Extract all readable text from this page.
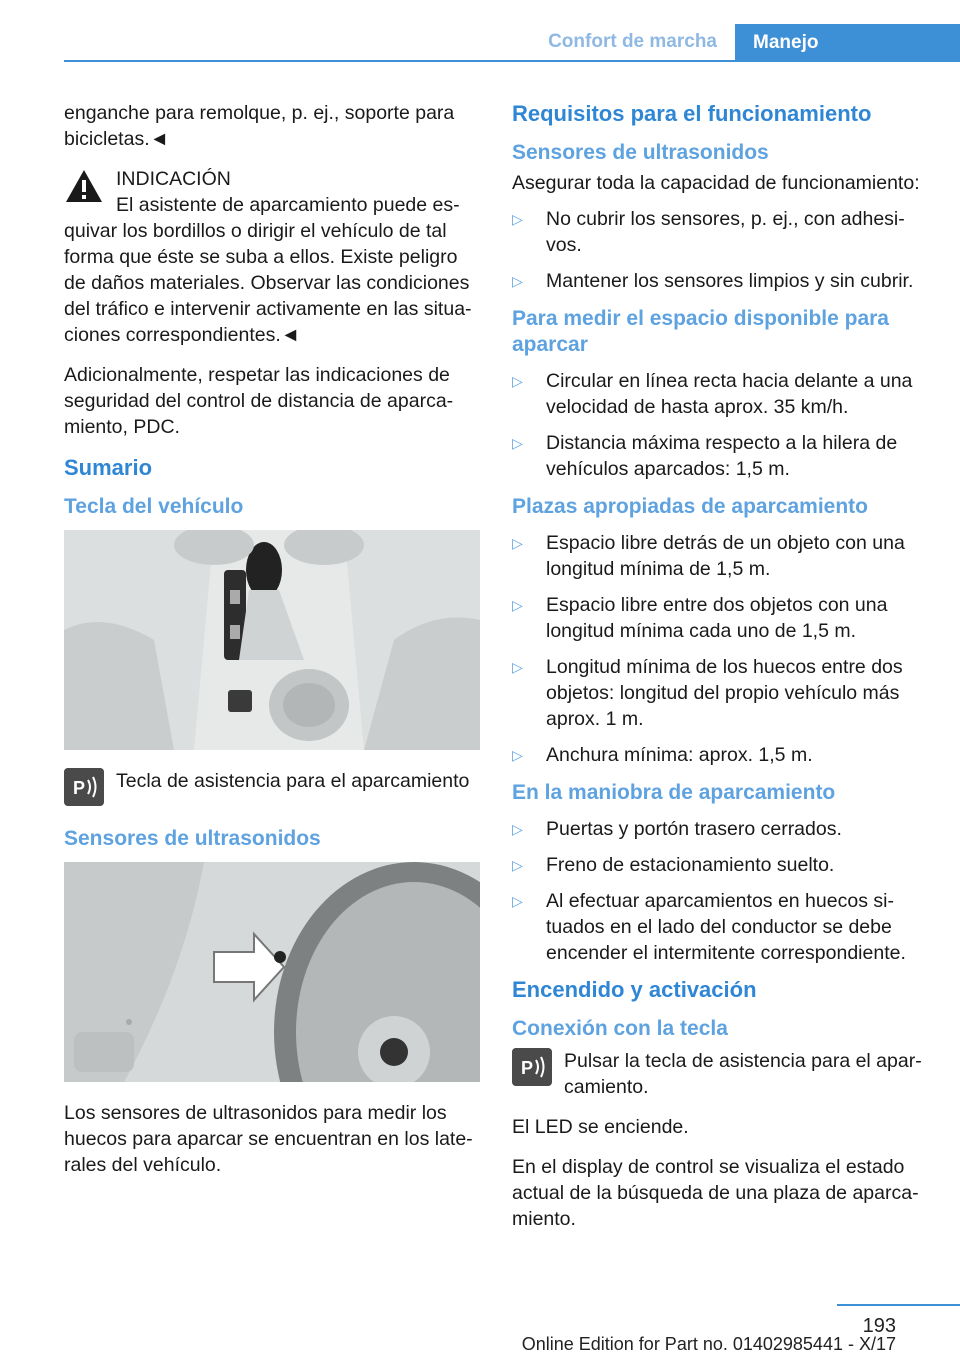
Confort de marcha	Manejo

enganche para remolque, p. ej., soporte para bicicletas.◄

INDICACIÓN
El asistente de aparcamiento puede es-
quivar los bordillos o dirigir el vehículo de tal forma que éste se suba a ellos. Existe peligro de daños materiales. Observar las condiciones del tráfico e intervenir activamente en las situa-ciones correspondientes.◄

Adicionalmente, respetar las indicaciones de seguridad del control de distancia de aparca-miento, PDC.

Sumario
Tecla del vehículo
P	Tecla de asistencia para el aparcamiento
Sensores de ultrasonidos

Los sensores de ultrasonidos para medir los huecos para aparcar se encuentran en los late-rales del vehículo.

Requisitos para el funcionamiento
Sensores de ultrasonidos

Asegurar toda la capacidad de funcionamiento:

▷ No cubrir los sensores, p. ej., con adhesi-vos.
▷ Mantener los sensores limpios y sin cubrir.
Para medir el espacio disponible para aparcar
▷ Circular en línea recta hacia delante a una velocidad de hasta aprox. 35 km/h.
▷ Distancia máxima respecto a la hilera de vehículos aparcados: 1,5 m.
Plazas apropiadas de aparcamiento
▷ Espacio libre detrás de un objeto con una longitud mínima de 1,5 m.
▷ Espacio libre entre dos objetos con una longitud mínima cada uno de 1,5 m.
▷ Longitud mínima de los huecos entre dos objetos: longitud del propio vehículo más aprox. 1 m.
▷ Anchura mínima: aprox. 1,5 m.
En la maniobra de aparcamiento
▷ Puertas y portón trasero cerrados.
▷ Freno de estacionamiento suelto.
▷ Al efectuar aparcamientos en huecos si-tuados en el lado del conductor se debe encender el intermitente correspondiente.
Encendido y activación
Conexión con la tecla
P	Pulsar la tecla de asistencia para el apar-camiento.

El LED se enciende.

En el display de control se visualiza el estado actual de la búsqueda de una plaza de aparca-miento.

193
Online Edition for Part no. 01402985441 - X/17
